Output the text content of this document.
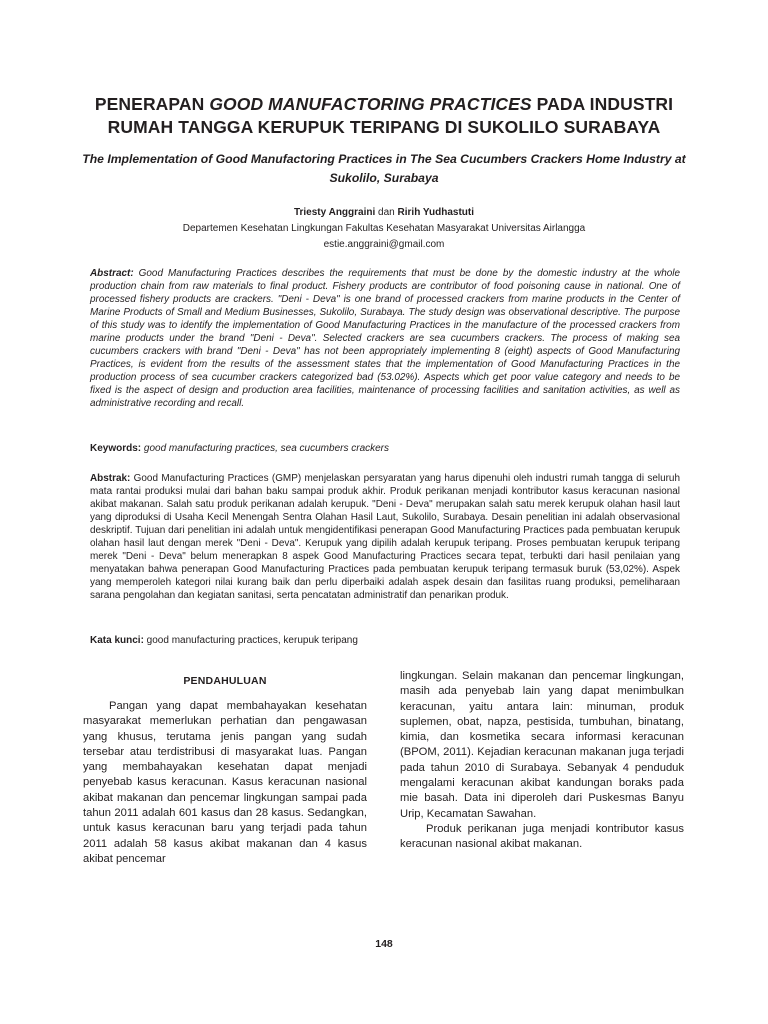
PENERAPAN GOOD MANUFACTORING PRACTICES PADA INDUSTRI RUMAH TANGGA KERUPUK TERIPANG DI SUKOLILO SURABAYA

The Implementation of Good Manufactoring Practices in The Sea Cucumbers Crackers Home Industry at Sukolilo, Surabaya

Triesty Anggraini dan Ririh Yudhastuti
Departemen Kesehatan Lingkungan Fakultas Kesehatan Masyarakat Universitas Airlangga
estie.anggraini@gmail.com

Abstract: Good Manufacturing Practices describes the requirements that must be done by the domestic industry at the whole production chain from raw materials to final product. Fishery products are contributor of food poisoning cause in national. One of processed fishery products are crackers. "Deni - Deva" is one brand of processed crackers from marine products in the Center of Marine Products of Small and Medium Businesses, Sukolilo, Surabaya. The study design was observational descriptive. The purpose of this study was to identify the implementation of Good Manufacturing Practices in the manufacture of the processed crackers from marine products under the brand "Deni - Deva". Selected crackers are sea cucumbers crackers. The process of making sea cucumbers crackers with brand "Deni - Deva" has not been appropriately implementing 8 (eight) aspects of Good Manufacturing Practices, is evident from the results of the assessment states that the implementation of Good Manufacturing Practices in the production process of sea cucumber crackers categorized bad (53.02%). Aspects which get poor value category and needs to be fixed is the aspect of design and production area facilities, maintenance of processing facilities and sanitation activities, as well as administrative recording and recall.

Keywords: good manufacturing practices, sea cucumbers crackers

Abstrak: Good Manufacturing Practices (GMP) menjelaskan persyaratan yang harus dipenuhi oleh industri rumah tangga di seluruh mata rantai produksi mulai dari bahan baku sampai produk akhir. Produk perikanan menjadi kontributor kasus keracunan nasional akibat makanan. Salah satu produk perikanan adalah kerupuk. "Deni - Deva" merupakan salah satu merek kerupuk olahan hasil laut yang diproduksi di Usaha Kecil Menengah Sentra Olahan Hasil Laut, Sukolilo, Surabaya. Desain penelitian ini adalah observasional deskriptif. Tujuan dari penelitian ini adalah untuk mengidentifikasi penerapan Good Manufacturing Practices pada pembuatan kerupuk olahan hasil laut dengan merek "Deni - Deva". Kerupuk yang dipilih adalah kerupuk teripang. Proses pembuatan kerupuk teripang merek "Deni - Deva" belum menerapkan 8 aspek Good Manufacturing Practices secara tepat, terbukti dari hasil penilaian yang menyatakan bahwa penerapan Good Manufacturing Practices pada pembuatan kerupuk teripang termasuk buruk (53,02%). Aspek yang memperoleh kategori nilai kurang baik dan perlu diperbaiki adalah aspek desain dan fasilitas ruang produksi, pemeliharaan sarana pengolahan dan kegiatan sanitasi, serta pencatatan administratif dan penarikan produk.

Kata kunci: good manufacturing practices, kerupuk teripang

PENDAHULUAN

Pangan yang dapat membahayakan kesehatan masyarakat memerlukan perhatian dan pengawasan yang khusus, terutama jenis pangan yang sudah tersebar atau terdistribusi di masyarakat luas. Pangan yang membahayakan kesehatan dapat menjadi penyebab kasus keracunan. Kasus keracunan nasional akibat makanan dan pencemar lingkungan sampai pada tahun 2011 adalah 601 kasus dan 28 kasus. Sedangkan, untuk kasus keracunan baru yang terjadi pada tahun 2011 adalah 58 kasus akibat makanan dan 4 kasus akibat pencemar

lingkungan. Selain makanan dan pencemar lingkungan, masih ada penyebab lain yang dapat menimbulkan keracunan, yaitu antara lain: minuman, produk suplemen, obat, napza, pestisida, tumbuhan, binatang, kimia, dan kosmetika secara informasi keracunan (BPOM, 2011). Kejadian keracunan makanan juga terjadi pada tahun 2010 di Surabaya. Sebanyak 4 penduduk mengalami keracunan akibat kandungan boraks pada mie basah. Data ini diperoleh dari Puskesmas Banyu Urip, Kecamatan Sawahan.

Produk perikanan juga menjadi kontributor kasus keracunan nasional akibat makanan.

148
